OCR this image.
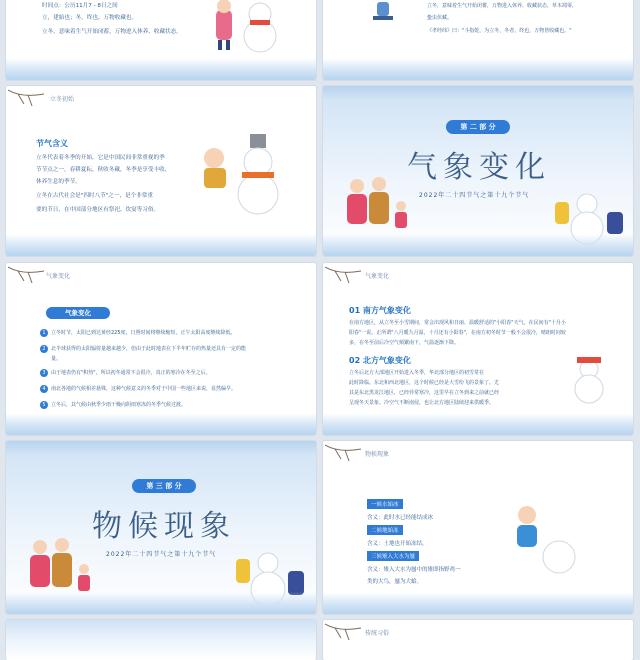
时间点：公历11月7 - 8日之间
立，建始也；冬，终也，万物收藏也。
立冬，意味着生气开始闭蓄，万物进入休养、收藏状态。
立冬，意味着生气开始闭蓄，万物进入休养、收藏状态，草木凋零，
蛰虫伏藏。
《孝经纬》曰："斗指乾，为立冬，冬者，终也，万物皆收藏也。"
立冬初始
节气含义
立冬代表着冬季的开始，它是中国民间非常重视的季
节节点之一，春耕夏耘，秋收冬藏，冬季是享受丰收、
休养生息的季节。
立冬在古代社会是"四时八节"之一，是个非常重
要的节日，在中国部分地区有祭祀、饮宴等习俗。
第 二 部 分
气象变化
2022年二十四节气之第十九个节气
气象变化
气象变化
1 立冬时节，太阳已到达黄经225度，日照时间将继续缩短，正午太阳高度继续降低。
2 北半球获得的太阳辐射量越来越少，但由于此时地表在下半年贮存的热量还具有一定的能
量。
3 由于地表仍有"积热"，所以初冬通常不会很冷，真正的寒冷在冬至之后。
4 南北各地的气候相差悬殊，这种气候意义的冬季对于中国一些地区来说，显然偏早。
5 立冬后，其气候由秋季少雨干燥向阴雨寒冻的冬季气候过渡。
气象变化
01 南方气象变化
在南方地区，从立冬至小雪期间，常会出现风和日丽、温暖舒适的"小阳春"天气，在民间有"十月小
阳春"一说。正所谓"八月暖九月温，十月还有小阳春"，在南方初冬时节一般不会很冷，晴朗时间较
多，在冬至前后冷空气频繁南下，气温逐渐下降。
02 北方气象变化
立冬后北方大部地区开始进入冬季，华北部分地区的初雪常在
此时降临。东北和西北地区，这个时候已经是大雪纷飞的景象了。尤
其是东北黑龙江地区，已经异常寒冷，这里早在立冬到来之前就已经
呈现冬天景象。冷空气不断南侵，也让北方地区陆续迎来供暖季。
第 三 部 分
物候现象
2022年二十四节气之第十九个节气
物候现象
一候水始冰
含义：此时水已经能结成冰
二候地始冻
含义：土地也开始冻结。
三候雉入大水为蜃
含义：雉入大水为蜃中的雉即指野鸡一
类的大鸟，蜃为大蛤。
传统习俗
